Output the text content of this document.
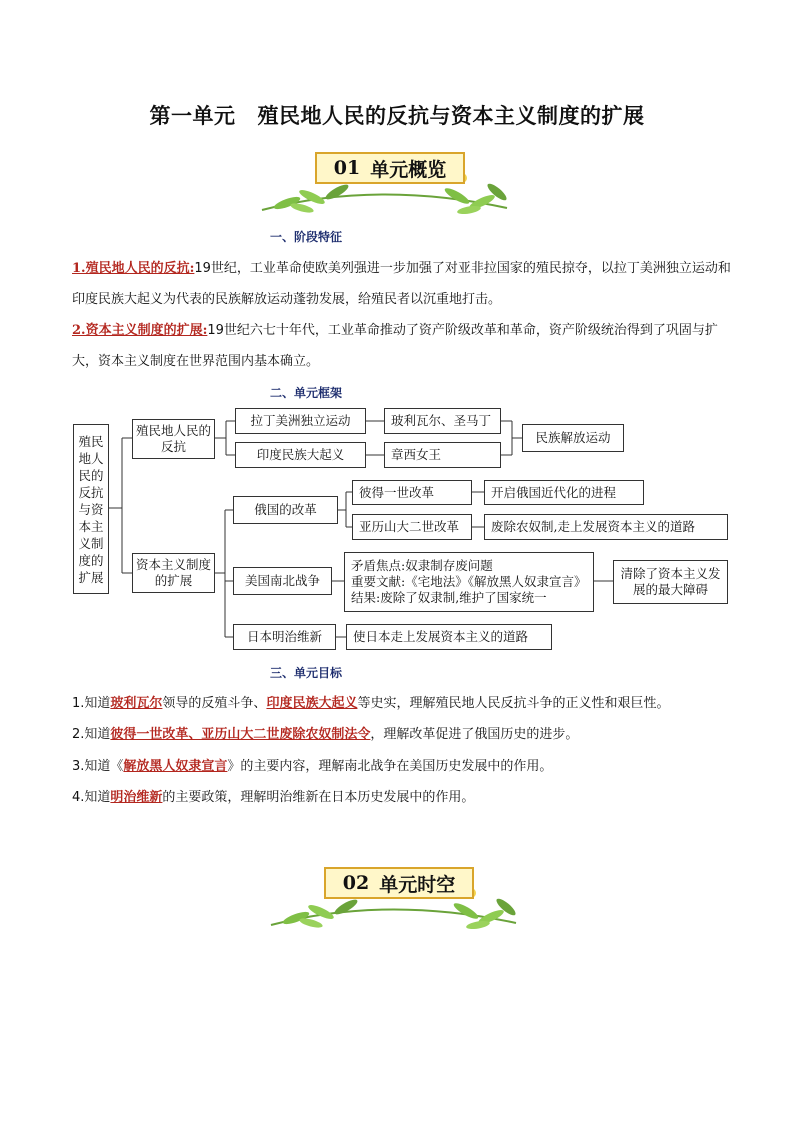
第一单元 殖民地人民的反抗与资本主义制度的扩展
01 单元概览
一、阶段特征
1.殖民地人民的反抗:19世纪，工业革命使欧美列强进一步加强了对亚非拉国家的殖民掠夺，以拉丁美洲独立运动和印度民族大起义为代表的民族解放运动蓬勃发展，给殖民者以沉重地打击。
2.资本主义制度的扩展:19世纪六七十年代，工业革命推动了资产阶级改革和革命，资产阶级统治得到了巩固与扩大，资本主义制度在世界范围内基本确立。
二、单元框架
殖民地人民的反抗与资本主义制度的扩展
殖民地人民的反抗
拉丁美洲独立运动
印度民族大起义
玻利瓦尔、圣马丁
章西女王
民族解放运动
资本主义制度的扩展
俄国的改革
彼得一世改革	开启俄国近代化的进程
亚历山大二世改革	废除农奴制,走上发展资本主义的道路
美国南北战争
矛盾焦点:奴隶制存废问题
重要文献:《宅地法》《解放黑人奴隶宣言》
结果:废除了奴隶制,维护了国家统一
清除了资本主义发展的最大障碍
日本明治维新	使日本走上发展资本主义的道路
三、单元目标
1.知道玻利瓦尔领导的反殖斗争、印度民族大起义等史实，理解殖民地人民反抗斗争的正义性和艰巨性。
2.知道彼得一世改革、亚历山大二世废除农奴制法令，理解改革促进了俄国历史的进步。
3.知道《解放黑人奴隶宣言》的主要内容，理解南北战争在美国历史发展中的作用。
4.知道明治维新的主要政策，理解明治维新在日本历史发展中的作用。
02 单元时空
